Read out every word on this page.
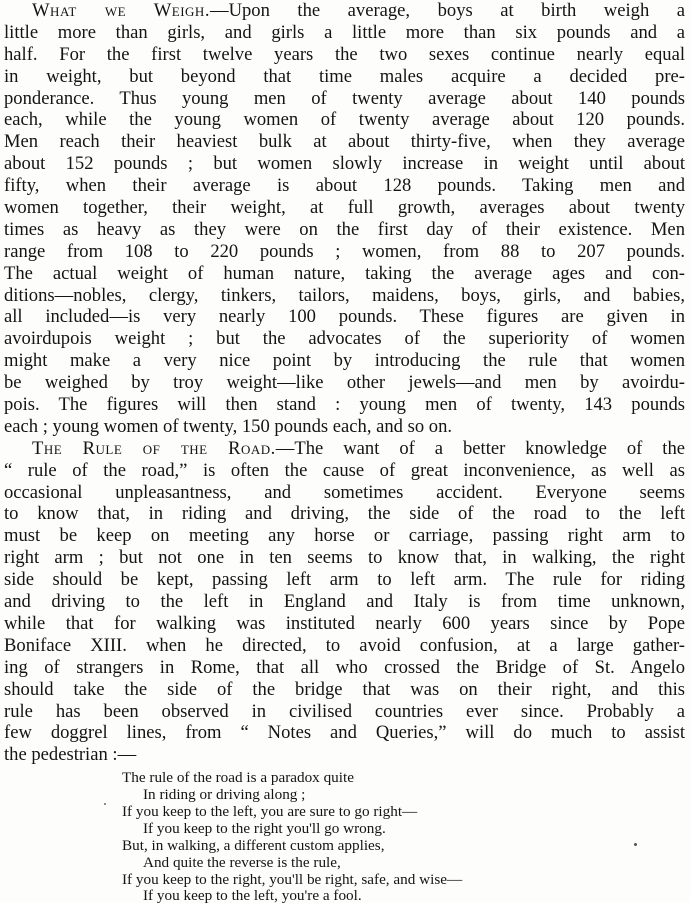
What we Weigh.—Upon the average, boys at birth weigh a
little more than girls, and girls a little more than six pounds and a
half. For the first twelve years the two sexes continue nearly equal
in weight, but beyond that time males acquire a decided pre-
ponderance. Thus young men of twenty average about 140 pounds
each, while the young women of twenty average about 120 pounds.
Men reach their heaviest bulk at about thirty-five, when they average
about 152 pounds ; but women slowly increase in weight until about
fifty, when their average is about 128 pounds. Taking men and
women together, their weight, at full growth, averages about twenty
times as heavy as they were on the first day of their existence. Men
range from 108 to 220 pounds ; women, from 88 to 207 pounds.
The actual weight of human nature, taking the average ages and con-
ditions—nobles, clergy, tinkers, tailors, maidens, boys, girls, and babies,
all included—is very nearly 100 pounds. These figures are given in
avoirdupois weight ; but the advocates of the superiority of women
might make a very nice point by introducing the rule that women
be weighed by troy weight—like other jewels—and men by avoirdu-
pois. The figures will then stand : young men of twenty, 143 pounds
each ; young women of twenty, 150 pounds each, and so on.
The Rule of the Road.—The want of a better knowledge of the
“ rule of the road,” is often the cause of great inconvenience, as well as
occasional unpleasantness, and sometimes accident. Everyone seems
to know that, in riding and driving, the side of the road to the left
must be keep on meeting any horse or carriage, passing right arm to
right arm ; but not one in ten seems to know that, in walking, the right
side should be kept, passing left arm to left arm. The rule for riding
and driving to the left in England and Italy is from time unknown,
while that for walking was instituted nearly 600 years since by Pope
Boniface XIII. when he directed, to avoid confusion, at a large gather-
ing of strangers in Rome, that all who crossed the Bridge of St. Angelo
should take the side of the bridge that was on their right, and this
rule has been observed in civilised countries ever since. Probably a
few doggrel lines, from “ Notes and Queries,” will do much to assist
the pedestrian :—
The rule of the road is a paradox quite
In riding or driving along ;
If you keep to the left, you are sure to go right—
If you keep to the right you'll go wrong.
But, in walking, a different custom applies,
And quite the reverse is the rule,
If you keep to the right, you'll be right, safe, and wise—
If you keep to the left, you're a fool.
